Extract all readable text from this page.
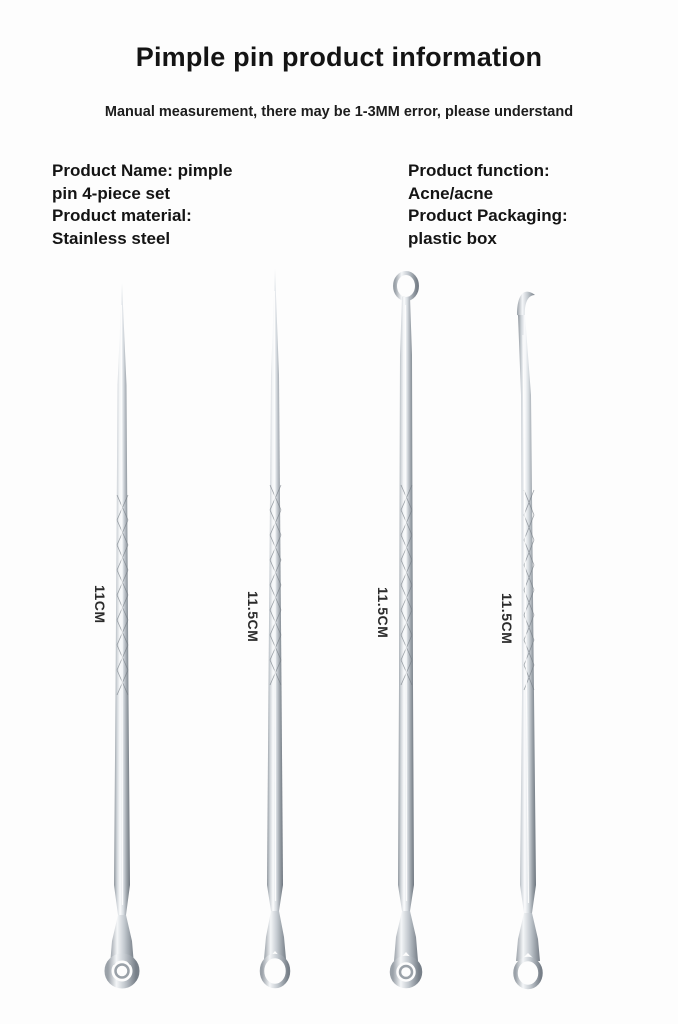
Pimple pin product information
Manual measurement, there may be 1-3MM error, please understand
Product Name: pimple
pin 4-piece set
Product material:
Stainless steel
Product function:
Acne/acne
Product Packaging:
plastic box
11CM	11.5CM	11.5CM	11.5CM
